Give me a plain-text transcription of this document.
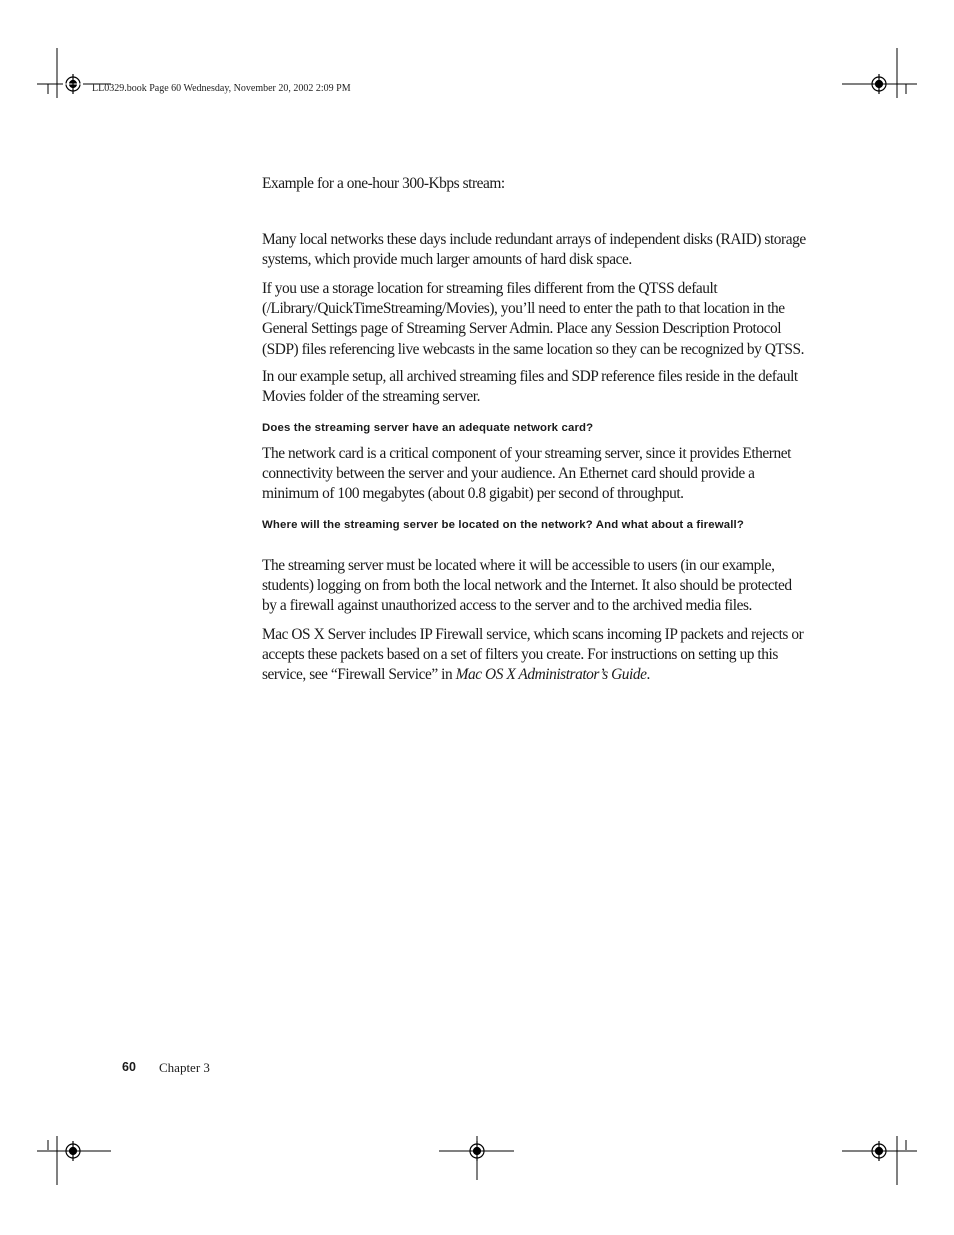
LL0329.book Page 60 Wednesday, November 20, 2002 2:09 PM

Example for a one-hour 300-Kbps stream:

Many local networks these days include redundant arrays of independent disks (RAID) storage systems, which provide much larger amounts of hard disk space.

If you use a storage location for streaming files different from the QTSS default (/Library/QuickTimeStreaming/Movies), you’ll need to enter the path to that location in the General Settings page of Streaming Server Admin. Place any Session Description Protocol (SDP) files referencing live webcasts in the same location so they can be recognized by QTSS.

In our example setup, all archived streaming files and SDP reference files reside in the default Movies folder of the streaming server.

Does the streaming server have an adequate network card?

The network card is a critical component of your streaming server, since it provides Ethernet connectivity between the server and your audience. An Ethernet card should provide a minimum of 100 megabytes (about 0.8 gigabit) per second of throughput.

Where will the streaming server be located on the network? And what about a firewall?

The streaming server must be located where it will be accessible to users (in our example, students) logging on from both the local network and the Internet. It also should be protected by a firewall against unauthorized access to the server and to the archived media files.

Mac OS X Server includes IP Firewall service, which scans incoming IP packets and rejects or accepts these packets based on a set of filters you create. For instructions on setting up this service, see “Firewall Service” in Mac OS X Administrator’s Guide.

60 Chapter 3
